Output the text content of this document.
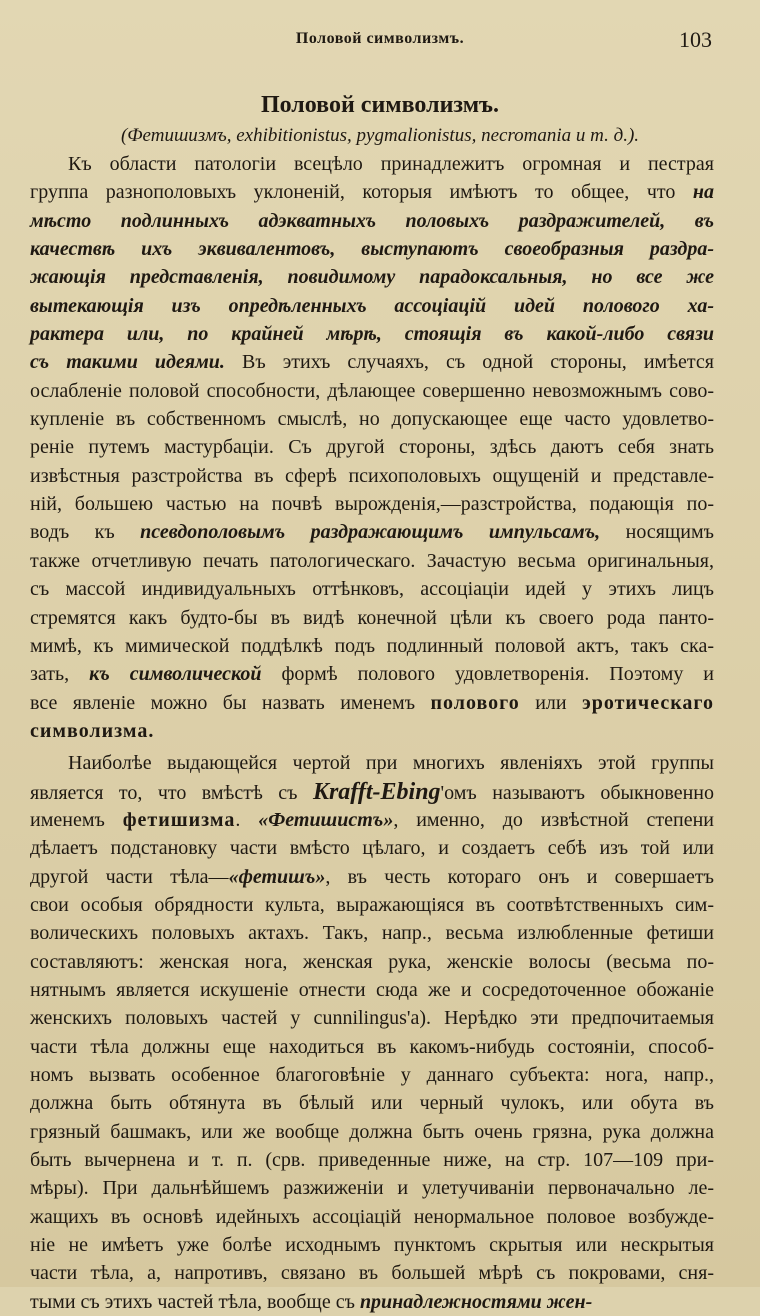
Половой символизмъ.	103
Половой символизмъ.
(Фетишизмъ, exhibitionistus, pygmalionistus, necromania и т. д.).
Къ области патологіи всецѣло принадлежитъ огромная и пестрая
группа разнополовыхъ уклоненій, которыя имѣютъ то общее, что на
мѣсто подлинныхъ адэкватныхъ половыхъ раздражителей, въ
качествѣ ихъ эквивалентовъ, выступаютъ своеобразныя раздра-
жающія представленія, повидимому парадоксальныя, но все же
вытекающія изъ опредѣленныхъ ассоціацій идей полового ха-
рактера или, по крайней мѣрѣ, стоящія въ какой-либо связи
съ такими идеями. Въ этихъ случаяхъ, съ одной стороны, имѣется
ослабленіе половой способности, дѣлающее совершенно невозможнымъ сово-
купленіе въ собственномъ смыслѣ, но допускающее еще часто удовлетво-
реніе путемъ мастурбаціи. Съ другой стороны, здѣсь даютъ себя знать
извѣстныя разстройства въ сферѣ психополовыхъ ощущеній и представле-
ній, большею частью на почвѣ вырожденія,—разстройства, подающія по-
водъ къ псевдополовымъ раздражающимъ импульсамъ, носящимъ
также отчетливую печать патологическаго. Зачастую весьма оригинальныя,
съ массой индивидуальныхъ оттѣнковъ, ассоціаціи идей у этихъ лицъ
стремятся какъ будто-бы въ видѣ конечной цѣли къ своего рода панто-
мимѣ, къ мимической поддѣлкѣ подъ подлинный половой актъ, такъ ска-
зать, къ символической формѣ полового удовлетворенія. Поэтому и
все явленіе можно бы назвать именемъ полового или эротическаго
символизма.
Наиболѣе выдающейся чертой при многихъ явленіяхъ этой группы
является то, что вмѣстѣ съ Krafft-Ebing'омъ называютъ обыкновенно
именемъ фетишизма. «Фетишистъ», именно, до извѣстной степени
дѣлаетъ подстановку части вмѣсто цѣлаго, и создаетъ себѣ изъ той или
другой части тѣла—«фетишъ», въ честь котораго онъ и совершаетъ
свои особыя обрядности культа, выражающіяся въ соотвѣтственныхъ сим-
волическихъ половыхъ актахъ. Такъ, напр., весьма излюбленные фетиши
составляютъ: женская нога, женская рука, женскіе волосы (весьма по-
нятнымъ является искушеніе отнести сюда же и сосредоточенное обожаніе
женскихъ половыхъ частей у cunnilingus'а). Нерѣдко эти предпочитаемыя
части тѣла должны еще находиться въ какомъ-нибудь состояніи, способ-
номъ вызвать особенное благоговѣніе у даннаго субъекта: нога, напр.,
должна быть обтянута въ бѣлый или черный чулокъ, или обута въ
грязный башмакъ, или же вообще должна быть очень грязна, рука должна
быть вычернена и т. п. (срв. приведенные ниже, на стр. 107—109 при-
мѣры). При дальнѣйшемъ разжиженіи и улетучиваніи первоначально ле-
жащихъ въ основѣ идейныхъ ассоціацій ненормальное половое возбужде-
ніе не имѣетъ уже болѣе исходнымъ пунктомъ скрытыя или нескрытыя
части тѣла, а, напротивъ, связано въ большей мѣрѣ съ покровами, сня-
тыми съ этихъ частей тѣла, вообще съ принадлежностями жен-
